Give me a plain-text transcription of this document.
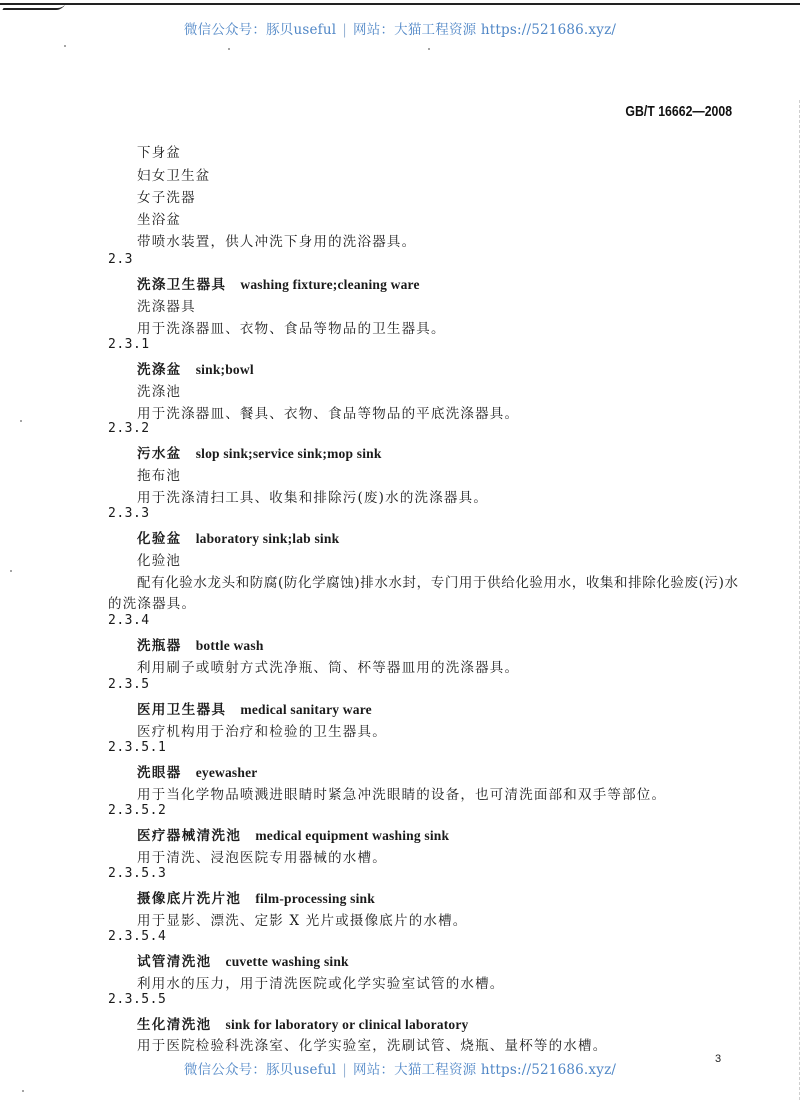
微信公众号：豚贝useful | 网站：大猫工程资源 https://521686.xyz/
GB/T 16662—2008
下身盆
妇女卫生盆
女子洗器
坐浴盆
带喷水装置，供人冲洗下身用的洗浴器具。
2.3
洗涤卫生器具 washing fixture;cleaning ware
洗涤器具
用于洗涤器皿、衣物、食品等物品的卫生器具。
2.3.1
洗涤盆 sink;bowl
洗涤池
用于洗涤器皿、餐具、衣物、食品等物品的平底洗涤器具。
2.3.2
污水盆 slop sink;service sink;mop sink
拖布池
用于洗涤清扫工具、收集和排除污(废)水的洗涤器具。
2.3.3
化验盆 laboratory sink;lab sink
化验池
配有化验水龙头和防腐(防化学腐蚀)排水水封，专门用于供给化验用水，收集和排除化验废(污)水
的洗涤器具。
2.3.4
洗瓶器 bottle wash
利用刷子或喷射方式洗净瓶、筒、杯等器皿用的洗涤器具。
2.3.5
医用卫生器具 medical sanitary ware
医疗机构用于治疗和检验的卫生器具。
2.3.5.1
洗眼器 eyewasher
用于当化学物品喷溅进眼睛时紧急冲洗眼睛的设备，也可清洗面部和双手等部位。
2.3.5.2
医疗器械清洗池 medical equipment washing sink
用于清洗、浸泡医院专用器械的水槽。
2.3.5.3
摄像底片洗片池 film-processing sink
用于显影、漂洗、定影 X 光片或摄像底片的水槽。
2.3.5.4
试管清洗池 cuvette washing sink
利用水的压力，用于清洗医院或化学实验室试管的水槽。
2.3.5.5
生化清洗池 sink for laboratory or clinical laboratory
用于医院检验科洗涤室、化学实验室，洗刷试管、烧瓶、量杯等的水槽。
3
微信公众号：豚贝useful | 网站：大猫工程资源 https://521686.xyz/
